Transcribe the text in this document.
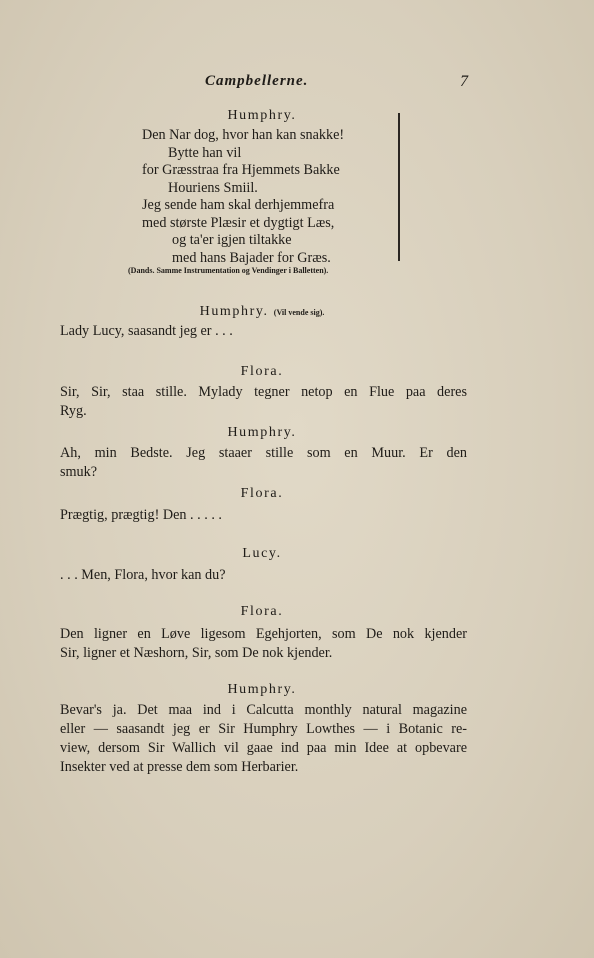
Campbellerne.	7
Humphry.
Den Nar dog, hvor han kan snakke!
Bytte han vil
for Græsstraa fra Hjemmets Bakke
Houriens Smiil.
Jeg sende ham skal derhjemmefra
med største Plæsir et dygtigt Læs,
og ta'er igjen tiltakke
med hans Bajader for Græs.
(Dands. Samme Instrumentation og Vendinger i Balletten).
Humphry. (Vil vende sig).
Lady Lucy, saasandt jeg er . . .
Flora.
Sir, Sir, staa stille. Mylady tegner netop en Flue paa deres
Ryg.
Humphry.
Ah, min Bedste. Jeg staaer stille som en Muur. Er den
smuk?
Flora.
Prægtig, prægtig! Den . . . . .
Lucy.
. . . Men, Flora, hvor kan du?
Flora.
Den ligner en Løve ligesom Egehjorten, som De nok kjender
Sir, ligner et Næshorn, Sir, som De nok kjender.
Humphry.
Bevar's ja. Det maa ind i Calcutta monthly natural magazine
eller — saasandt jeg er Sir Humphry Lowthes — i Botanic re-
view, dersom Sir Wallich vil gaae ind paa min Idee at opbevare
Insekter ved at presse dem som Herbarier.
